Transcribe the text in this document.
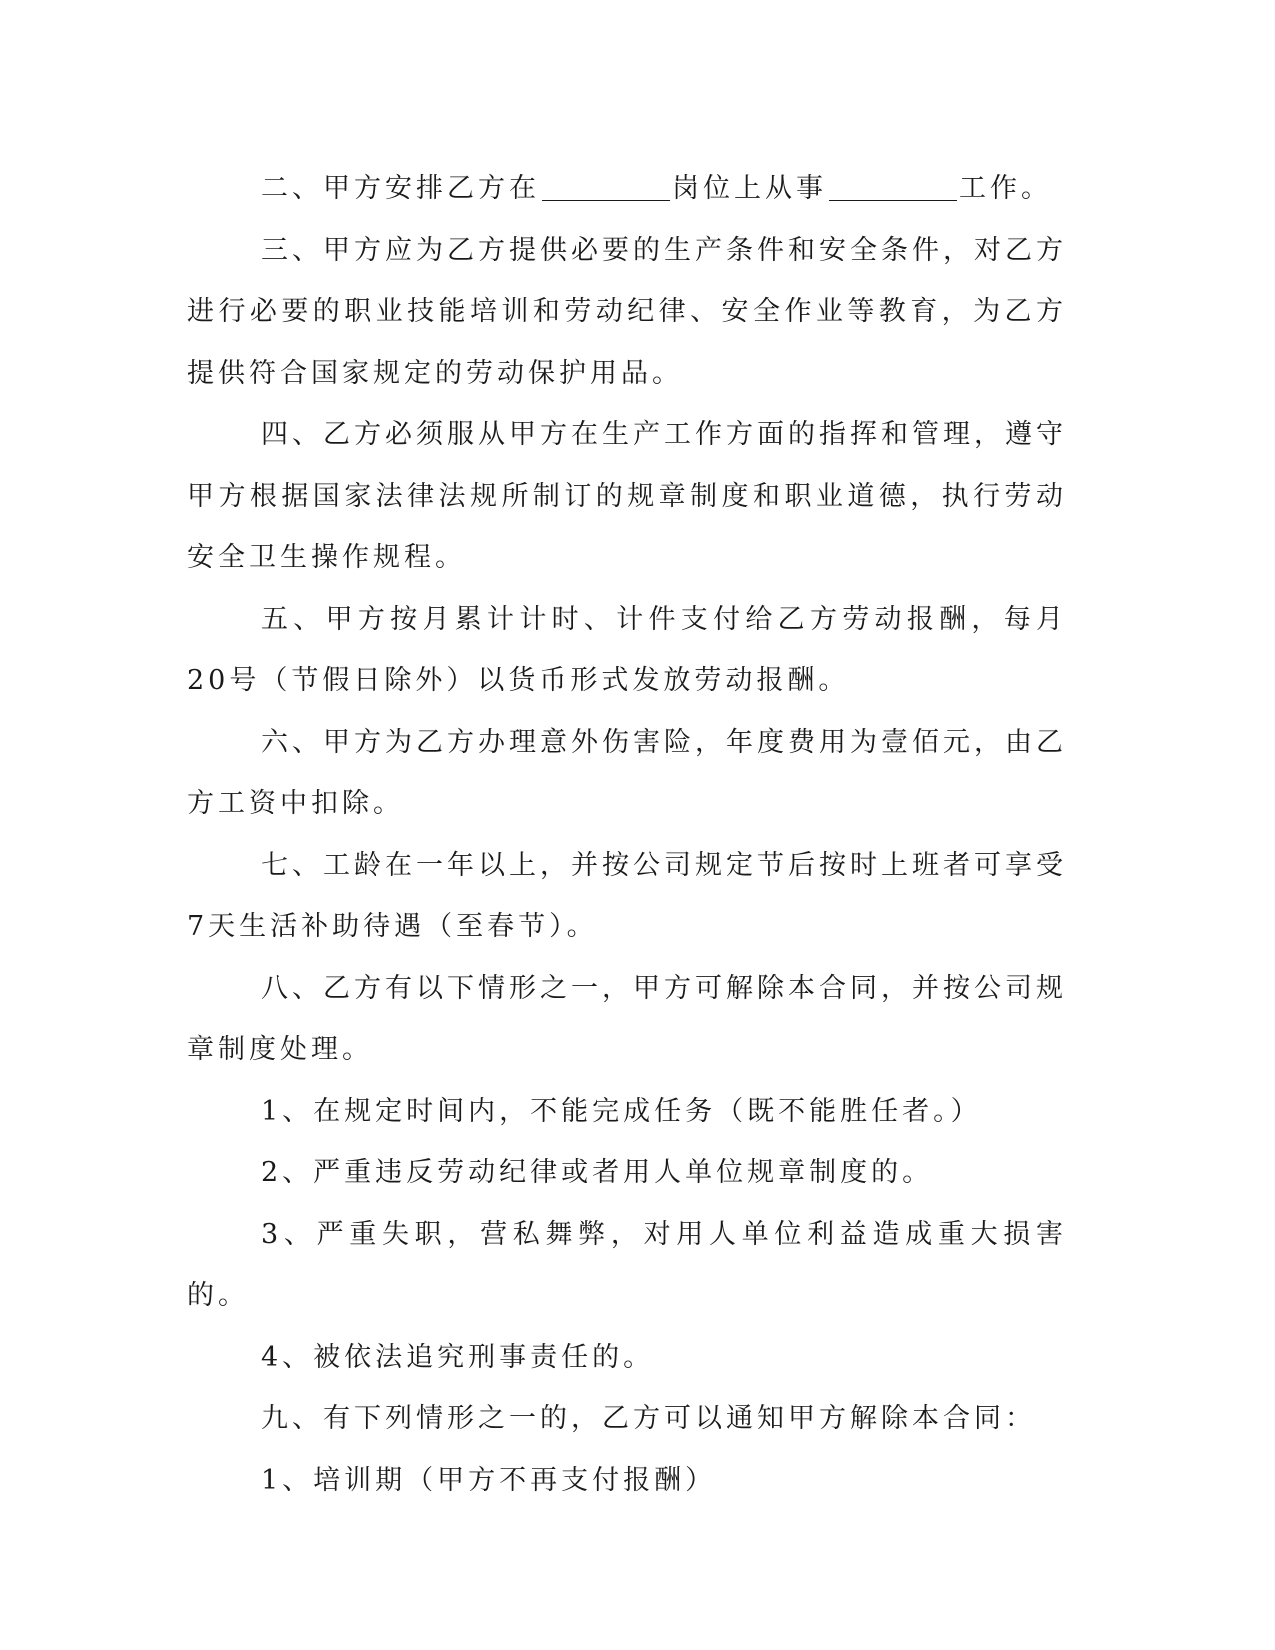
二、甲方安排乙方在	岗位上从事	工作。

三、甲方应为乙方提供必要的生产条件和安全条件，对乙方进行必要的职业技能培训和劳动纪律、安全作业等教育，为乙方提供符合国家规定的劳动保护用品。

四、乙方必须服从甲方在生产工作方面的指挥和管理，遵守甲方根据国家法律法规所制订的规章制度和职业道德，执行劳动安全卫生操作规程。

五、甲方按月累计计时、计件支付给乙方劳动报酬，每月20号（节假日除外）以货币形式发放劳动报酬。

六、甲方为乙方办理意外伤害险，年度费用为壹佰元，由乙方工资中扣除。

七、工龄在一年以上，并按公司规定节后按时上班者可享受7天生活补助待遇（至春节）。

八、乙方有以下情形之一，甲方可解除本合同，并按公司规章制度处理。

1、在规定时间内，不能完成任务（既不能胜任者。）

2、严重违反劳动纪律或者用人单位规章制度的。

3、严重失职，营私舞弊，对用人单位利益造成重大损害的。

4、被依法追究刑事责任的。

九、有下列情形之一的，乙方可以通知甲方解除本合同：

1、培训期（甲方不再支付报酬）
